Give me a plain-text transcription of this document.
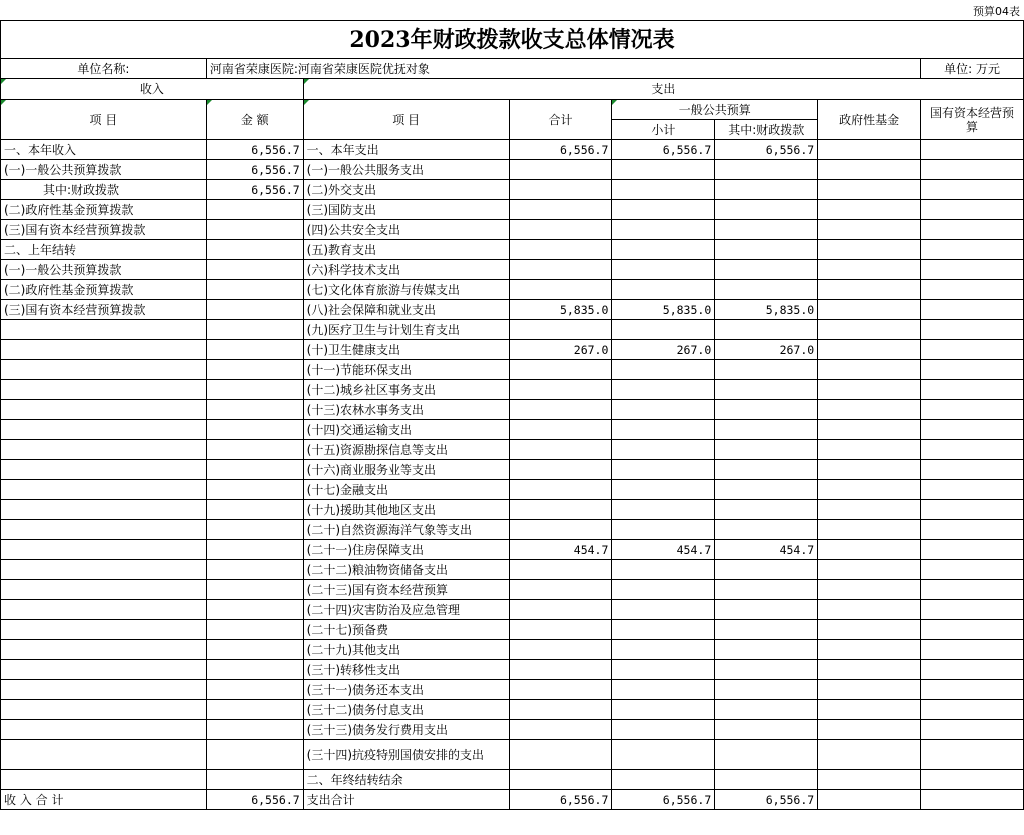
预算04表
2023年财政拨款收支总体情况表							
单位名称:	河南省荣康医院:河南省荣康医院优抚对象						单位: 万元
收入		支出					
项 目	金 额	项 目	合计	一般公共预算		政府性基金	国有资本经营预算
				小计	其中:财政拨款		
一、本年收入	6,556.7	一、本年支出	6,556.7	6,556.7	6,556.7		
(一)一般公共预算拨款	6,556.7	(一)一般公共服务支出					
其中:财政拨款	6,556.7	(二)外交支出					
(二)政府性基金预算拨款		(三)国防支出					
(三)国有资本经营预算拨款		(四)公共安全支出					
二、上年结转		(五)教育支出					
(一)一般公共预算拨款		(六)科学技术支出					
(二)政府性基金预算拨款		(七)文化体育旅游与传媒支出					
(三)国有资本经营预算拨款		(八)社会保障和就业支出	5,835.0	5,835.0	5,835.0		
		(九)医疗卫生与计划生育支出					
		(十)卫生健康支出	267.0	267.0	267.0		
		(十一)节能环保支出					
		(十二)城乡社区事务支出					
		(十三)农林水事务支出					
		(十四)交通运输支出					
		(十五)资源勘探信息等支出					
		(十六)商业服务业等支出					
		(十七)金融支出					
		(十九)援助其他地区支出					
		(二十)自然资源海洋气象等支出					
		(二十一)住房保障支出	454.7	454.7	454.7		
		(二十二)粮油物资储备支出					
		(二十三)国有资本经营预算					
		(二十四)灾害防治及应急管理					
		(二十七)预备费					
		(二十九)其他支出					
		(三十)转移性支出					
		(三十一)债务还本支出					
		(三十二)债务付息支出					
		(三十三)债务发行费用支出					
		(三十四)抗疫特别国债安排的支出					
		二、年终结转结余					
收 入 合 计	6,556.7	支出合计	6,556.7	6,556.7	6,556.7		
